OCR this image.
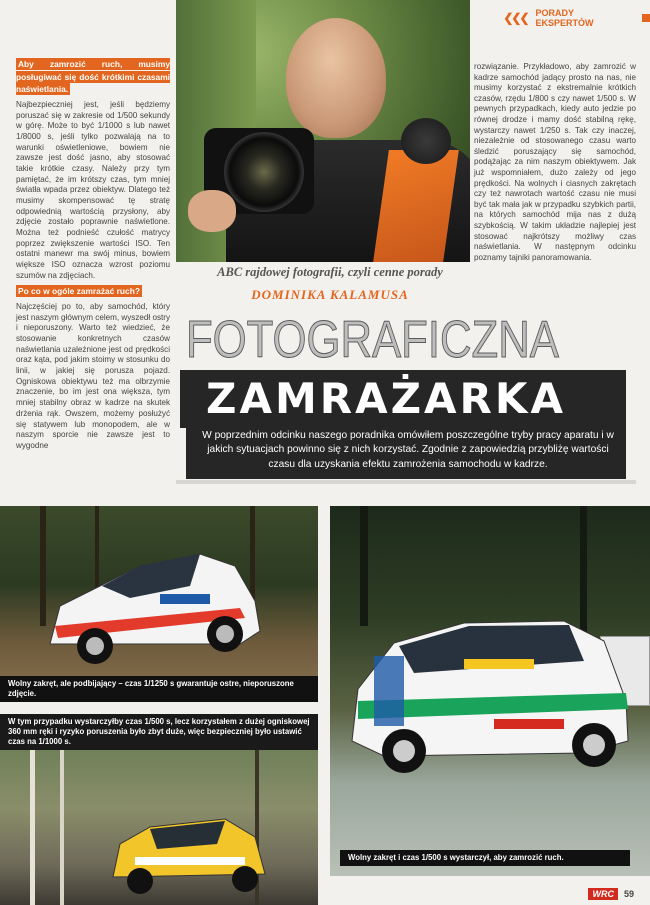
❮❮❮ PORADY EKSPERTÓW
Aby zamrozić ruch, musimy posługiwać się dość krótkimi czasami naświetlania.

Najbezpieczniej jest, jeśli będziemy poruszać się w zakresie od 1/500 sekundy w górę. Może to być 1/1000 s lub nawet 1/8000 s, jeśli tylko pozwalają na to warunki oświetleniowe, bowiem nie zawsze jest dość jasno, aby stosować takie krótkie czasy. Należy przy tym pamiętać, że im krótszy czas, tym mniej światła wpada przez obiektyw. Dlatego też musimy skompensować tę stratę odpowiednią wartością przysłony, aby zdjęcie zostało poprawnie naświetlone. Można też podnieść czułość matrycy poprzez zwiększenie wartości ISO. Ten ostatni manewr ma swój minus, bowiem większe ISO oznacza wzrost poziomu szumów na zdjęciach.

Po co w ogóle zamrażać ruch?

Najczęściej po to, aby samochód, który jest naszym głównym celem, wyszedł ostry i nieporuszony. Warto też wiedzieć, że stosowanie konkretnych czasów naświetlania uzależnione jest od prędkości oraz kąta, pod jakim stoimy w stosunku do linii, w jakiej się porusza pojazd. Ogniskowa obiektywu też ma olbrzymie znaczenie, bo im jest ona większa, tym mniej stabilny obraz w kadrze na skutek drżenia rąk. Owszem, możemy posłużyć się statywem lub monopodem, ale w naszym sporcie nie zawsze jest to wygodne

rozwiązanie. Przykładowo, aby zamrozić w kadrze samochód jadący prosto na nas, nie musimy korzystać z ekstremalnie krótkich czasów, rzędu 1/800 s czy nawet 1/500 s. W pewnych przypadkach, kiedy auto jedzie po równej drodze i mamy dość stabilną rękę, wystarczy nawet 1/250 s. Tak czy inaczej, niezależnie od stosowanego czasu warto śledzić poruszający się samochód, podążając za nim naszym obiektywem. Jak już wspomniałem, dużo zależy od jego prędkości. Na wolnych i ciasnych zakrętach czy też nawrotach wartość czasu nie musi być tak mała jak w przypadku szybkich partii, na których samochód mija nas z dużą szybkością. W takim układzie najlepiej jest stosować najkrótszy możliwy czas naświetlania. W następnym odcinku poznamy tajniki panoramowania.

ABC rajdowej fotografii, czyli cenne porady
DOMINIKA KALAMUSA
FOTOGRAFICZNA
ZAMRAŻARKA
W poprzednim odcinku naszego poradnika omówiłem poszczególne tryby pracy aparatu i w jakich sytuacjach powinno się z nich korzystać. Zgodnie z zapowiedzią przybliżę wartości czasu dla uzyskania efektu zamrożenia samochodu w kadrze.
Wolny zakręt, ale podbijający – czas 1/1250 s gwarantuje ostre, nieporuszone zdjęcie.
W tym przypadku wystarczyłby czas 1/500 s, lecz korzystałem z dużej ogniskowej 360 mm ręki i ryzyko poruszenia było zbyt duże, więc bezpieczniej było ustawić czas na 1/1000 s.
Wolny zakręt i czas 1/500 s wystarczył, aby zamrozić ruch.
WRC	59
